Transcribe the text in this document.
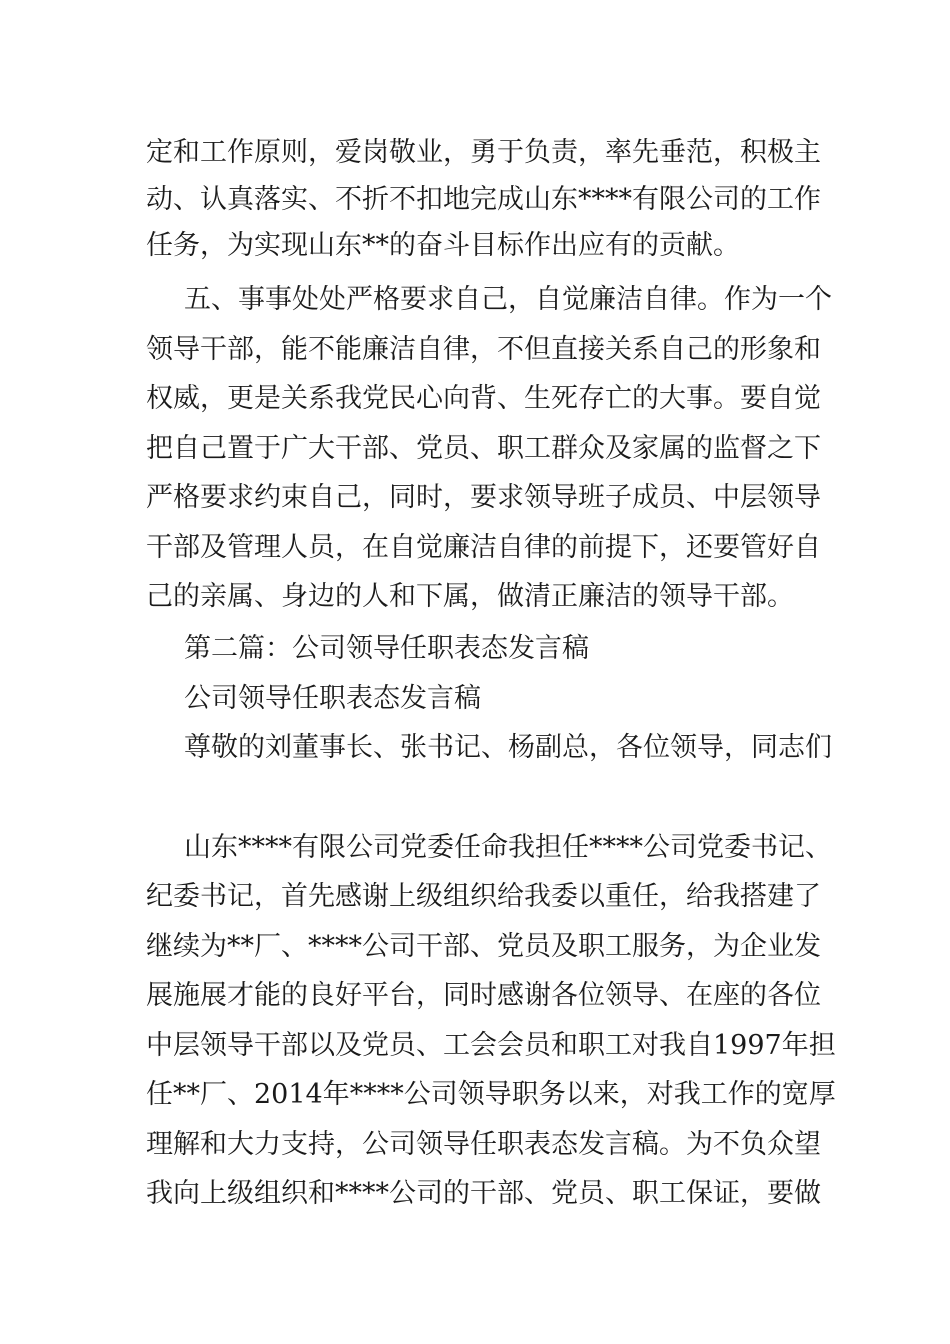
定和工作原则，爱岗敬业，勇于负责，率先垂范，积极主
动、认真落实、不折不扣地完成山东****有限公司的工作
任务，为实现山东**的奋斗目标作出应有的贡献。
五、事事处处严格要求自己，自觉廉洁自律。作为一个
领导干部，能不能廉洁自律，不但直接关系自己的形象和
权威，更是关系我党民心向背、生死存亡的大事。要自觉
把自己置于广大干部、党员、职工群众及家属的监督之下
严格要求约束自己，同时，要求领导班子成员、中层领导
干部及管理人员，在自觉廉洁自律的前提下，还要管好自
己的亲属、身边的人和下属，做清正廉洁的领导干部。
第二篇：公司领导任职表态发言稿
公司领导任职表态发言稿
尊敬的刘董事长、张书记、杨副总，各位领导，同志们
山东****有限公司党委任命我担任****公司党委书记、
纪委书记，首先感谢上级组织给我委以重任，给我搭建了
继续为**厂、****公司干部、党员及职工服务，为企业发
展施展才能的良好平台，同时感谢各位领导、在座的各位
中层领导干部以及党员、工会会员和职工对我自1997年担
任**厂、2014年****公司领导职务以来，对我工作的宽厚
理解和大力支持，公司领导任职表态发言稿。为不负众望
我向上级组织和****公司的干部、党员、职工保证，要做
